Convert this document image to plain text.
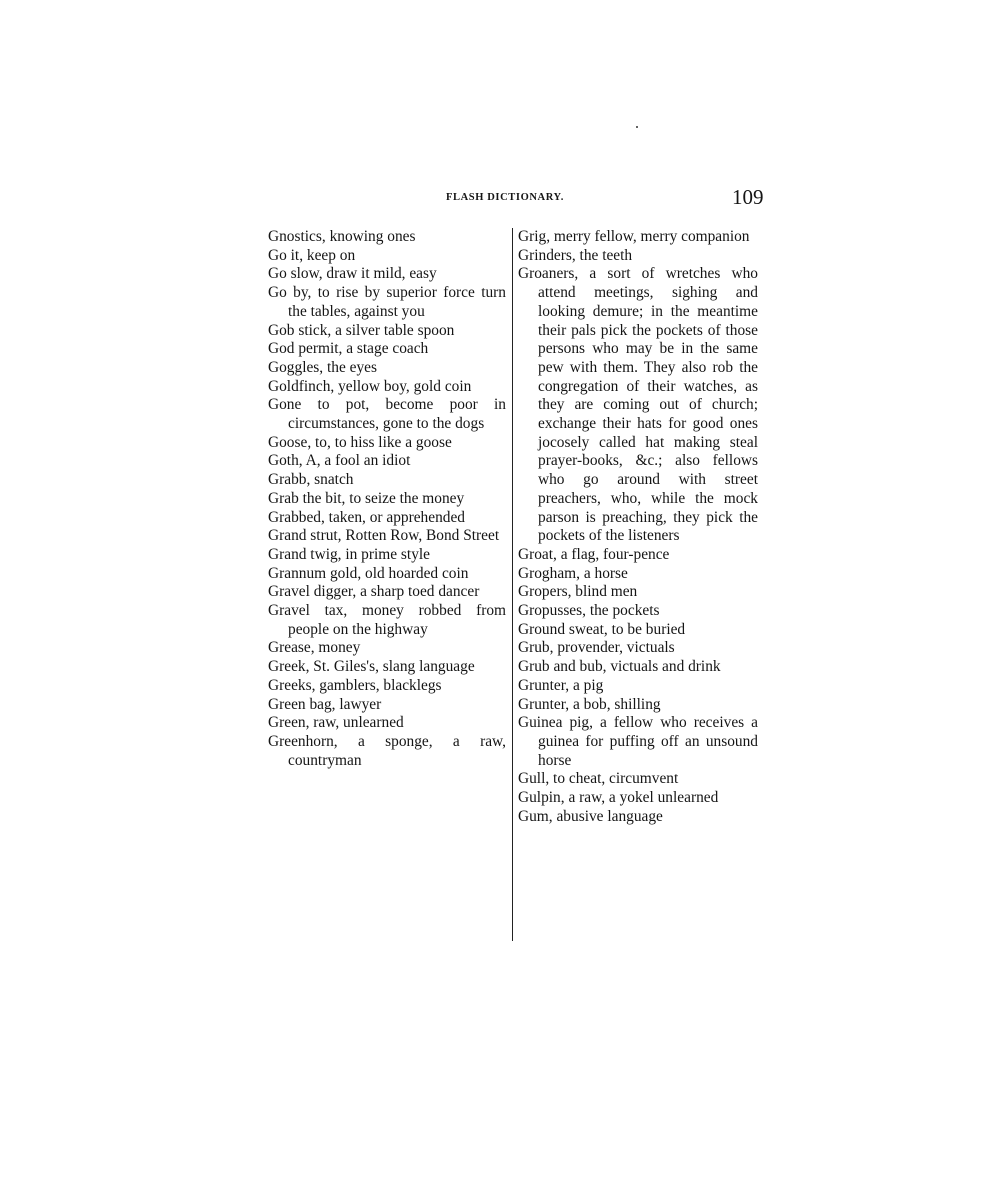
FLASH DICTIONARY.	109

Gnostics, knowing ones

Go it, keep on

Go slow, draw it mild, easy

Go by, to rise by superior force turn the tables, against you

Gob stick, a silver table spoon

God permit, a stage coach

Goggles, the eyes

Goldfinch, yellow boy, gold coin

Gone to pot, become poor in circumstances, gone to the dogs

Goose, to, to hiss like a goose

Goth, A, a fool an idiot

Grabb, snatch

Grab the bit, to seize the money

Grabbed, taken, or apprehended

Grand strut, Rotten Row, Bond Street

Grand twig, in prime style

Grannum gold, old hoarded coin

Gravel digger, a sharp toed dancer

Gravel tax, money robbed from people on the highway

Grease, money

Greek, St. Giles's, slang language

Greeks, gamblers, blacklegs

Green bag, lawyer

Green, raw, unlearned

Greenhorn, a sponge, a raw, countryman

Grig, merry fellow, merry companion

Grinders, the teeth

Groaners, a sort of wretches who attend meetings, sighing and looking demure; in the meantime their pals pick the pockets of those persons who may be in the same pew with them. They also rob the congregation of their watches, as they are coming out of church; exchange their hats for good ones jocosely called hat making steal prayer-books, &c.; also fellows who go around with street preachers, who, while the mock parson is preaching, they pick the pockets of the listeners

Groat, a flag, four-pence

Grogham, a horse

Gropers, blind men

Gropusses, the pockets

Ground sweat, to be buried

Grub, provender, victuals

Grub and bub, victuals and drink

Grunter, a pig

Grunter, a bob, shilling

Guinea pig, a fellow who receives a guinea for puffing off an unsound horse

Gull, to cheat, circumvent

Gulpin, a raw, a yokel unlearned

Gum, abusive language
